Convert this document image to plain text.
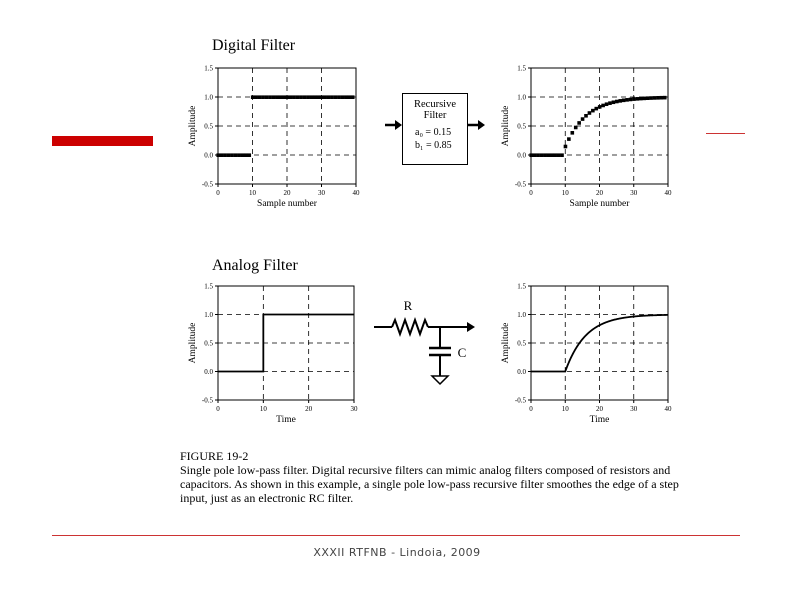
Digital Filter
Analog Filter
-0.5
0.0
0.5
1.0
1.5
0	10	20	30	40
Sample number
Amplitude
-0.5
0.0
0.5
1.0
1.5
0	10	20	30	40
Sample number
Amplitude
-0.5
0.0
0.5
1.0
1.5
0	10	20	30
Time
Amplitude
-0.5
0.0
0.5
1.0
1.5
0	10	20	30	40
Time
Amplitude
Recursive
Filter
a₀ = 0.15
b₁ = 0.85
R
C
FIGURE 19-2
Single pole low-pass filter. Digital recursive filters can mimic analog filters composed of resistors and capacitors. As shown in this example, a single pole low-pass recursive filter smoothes the edge of a step input, just as an electronic RC filter.
XXXII RTFNB - Lindoia, 2009
